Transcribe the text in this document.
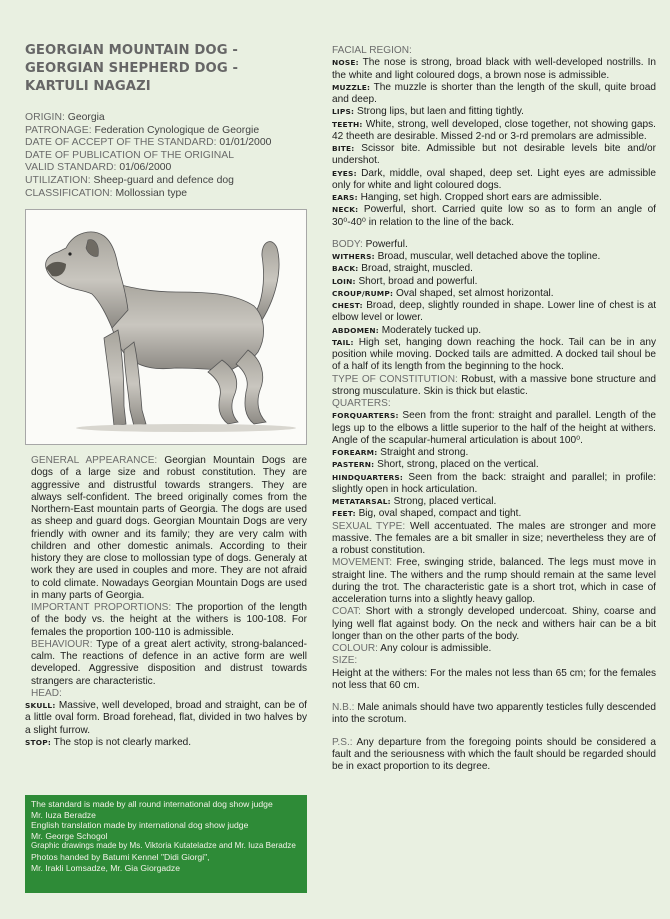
GEORGIAN MOUNTAIN DOG -
GEORGIAN SHEPHERD DOG -
KARTULI NAGAZI
ORIGIN: Georgia
PATRONAGE: Federation Cynologique de Georgie
DATE OF ACCEPT OF THE STANDARD: 01/01/2000
DATE OF PUBLICATION OF THE ORIGINAL
VALID STANDARD: 01/06/2000
UTILIZATION: Sheep-guard and defence dog
CLASSIFICATION: Mollossian type

GENERAL APPEARANCE: Georgian Mountain Dogs are dogs of a large size and robust constitution. They are aggressive and distrustful towards strangers. They are always self-confident. The breed originally comes from the Northern-East mountain parts of Georgia. The dogs are used as sheep and guard dogs. Georgian Mountain Dogs are very friendly with owner and its family; they are very calm with children and other domestic animals. According to their history they are close to mollossian type of dogs. Generaly at work they are used in couples and more. They are not afraid to cold climate. Nowadays Georgian Mountain Dogs are used in many parts of Georgia.

IMPORTANT PROPORTIONS: The proportion of the length of the body vs. the height at the withers is 100-108. For females the proportion 100-110 is admissible.

BEHAVIOUR: Type of a great alert activity, strong-balanced-calm. The reactions of defence in an active form are well developed. Aggressive disposition and distrust towards strangers are characteristic.

HEAD:

SKULL: Massive, well developed, broad and straight, can be of a little oval form. Broad forehead, flat, divided in two halves by a slight furrow.

STOP: The stop is not clearly marked.

The standard is made by all round international dog show judge
Mr. Iuza Beradze
English translation made by international dog show judge
Mr. George Schogol
Graphic drawings made by Ms. Viktoria Kutateladze and Mr. Iuza Beradze
Photos handed by Batumi Kennel "Didi Giorgi",
Mr. Irakli Lomsadze, Mr. Gia Giorgadze

FACIAL REGION:

NOSE: The nose is strong, broad black with well-developed nostrills. In the white and light coloured dogs, a brown nose is admissible.

MUZZLE: The muzzle is shorter than the length of the skull, quite broad and deep.

LIPS: Strong lips, but laen and fitting tightly.

TEETH: White, strong, well developed, close together, not showing gaps. 42 theeth are desirable. Missed 2-nd or 3-rd premolars are admissible.

BITE: Scissor bite. Admissible but not desirable levels bite and/or undershot.

EYES: Dark, middle, oval shaped, deep set. Light eyes are admissible only for white and light coloured dogs.

EARS: Hanging, set high. Cropped short ears are admissible.

NECK: Powerful, short. Carried quite low so as to form an angle of 30⁰-40⁰ in relation to the line of the back.

BODY: Powerful.

WITHERS: Broad, muscular, well detached above the topline.

BACK: Broad, straight, muscled.

LOIN: Short, broad and powerful.

CROUP/RUMP: Oval shaped, set almost horizontal.

CHEST: Broad, deep, slightly rounded in shape. Lower line of chest is at elbow level or lower.

ABDOMEN: Moderately tucked up.

TAIL: High set, hanging down reaching the hock. Tail can be in any position while moving. Docked tails are admitted. A docked tail shoul be of a half of its length from the beginning to the hock.

TYPE OF CONSTITUTION: Robust, with a massive bone structure and strong musculature. Skin is thick but elastic.

QUARTERS:

FORQUARTERS: Seen from the front: straight and parallel. Length of the legs up to the elbows a little superior to the half of the height at withers. Angle of the scapular-humeral articulation is about 100⁰.

FOREARM: Straight and strong.

PASTERN: Short, strong, placed on the vertical.

HINDQUARTERS: Seen from the back: straight and parallel; in profile: slightly open in hock articulation.

METATARSAL: Strong, placed vertical.

FEET: Big, oval shaped, compact and tight.

SEXUAL TYPE: Well accentuated. The males are stronger and more massive. The females are a bit smaller in size; nevertheless they are of a robust constitution.

MOVEMENT: Free, swinging stride, balanced. The legs must move in straight line. The withers and the rump should remain at the same level during the trot. The characteristic gate is a short trot, which in case of acceleration turns into a slightly heavy gallop.

COAT: Short with a strongly developed undercoat. Shiny, coarse and lying well flat against body. On the neck and withers hair can be a bit longer than on the other parts of the body.

COLOUR: Any colour is admissible.

SIZE:

Height at the withers: For the males not less than 65 cm; for the females not less that 60 cm.

N.B.: Male animals should have two apparently testicles fully descended into the scrotum.

P.S.: Any departure from the foregoing points should be considered a fault and the seriousness with which the fault should be regarded should be in exact proportion to its degree.
